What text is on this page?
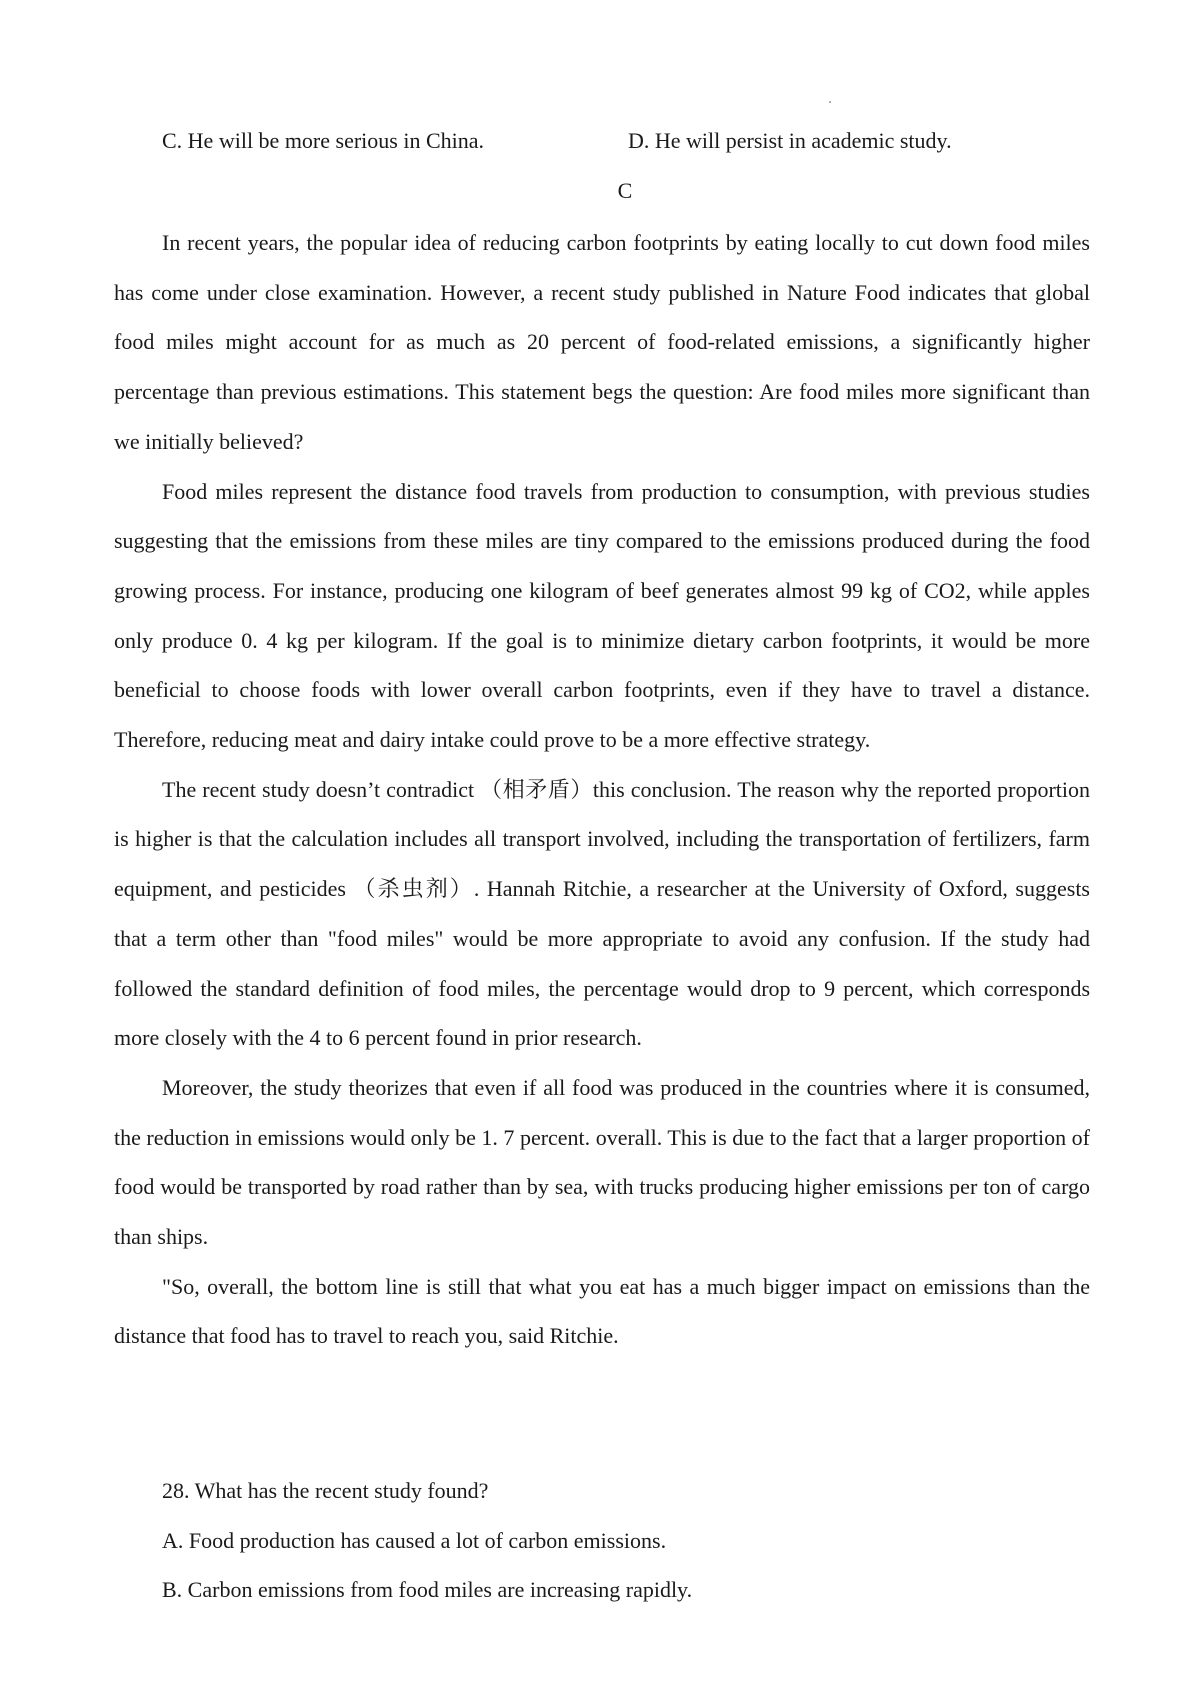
C. He will be more serious in China.	D. He will persist in academic study.
C

In recent years, the popular idea of reducing carbon footprints by eating locally to cut down food miles has come under close examination. However, a recent study published in Nature Food indicates that global food miles might account for as much as 20 percent of food-related emissions, a significantly higher percentage than previous estimations. This statement begs the question: Are food miles more significant than we initially believed?

Food miles represent the distance food travels from production to consumption, with previous studies suggesting that the emissions from these miles are tiny compared to the emissions produced during the food growing process. For instance, producing one kilogram of beef generates almost 99 kg of CO2, while apples only produce 0. 4 kg per kilogram. If the goal is to minimize dietary carbon footprints, it would be more beneficial to choose foods with lower overall carbon footprints, even if they have to travel a distance. Therefore, reducing meat and dairy intake could prove to be a more effective strategy.

The recent study doesn’t contradict （相矛盾）this conclusion. The reason why the reported proportion is higher is that the calculation includes all transport involved, including the transportation of fertilizers, farm equipment, and pesticides （杀虫剂）. Hannah Ritchie, a researcher at the University of Oxford, suggests that a term other than "food miles" would be more appropriate to avoid any confusion. If the study had followed the standard definition of food miles, the percentage would drop to 9 percent, which corresponds more closely with the 4 to 6 percent found in prior research.

Moreover, the study theorizes that even if all food was produced in the countries where it is consumed, the reduction in emissions would only be 1. 7 percent. overall. This is due to the fact that a larger proportion of food would be transported by road rather than by sea, with trucks producing higher emissions per ton of cargo than ships.

"So, overall, the bottom line is still that what you eat has a much bigger impact on emissions than the distance that food has to travel to reach you, said Ritchie.

28. What has the recent study found?
A. Food production has caused a lot of carbon emissions.
B. Carbon emissions from food miles are increasing rapidly.
